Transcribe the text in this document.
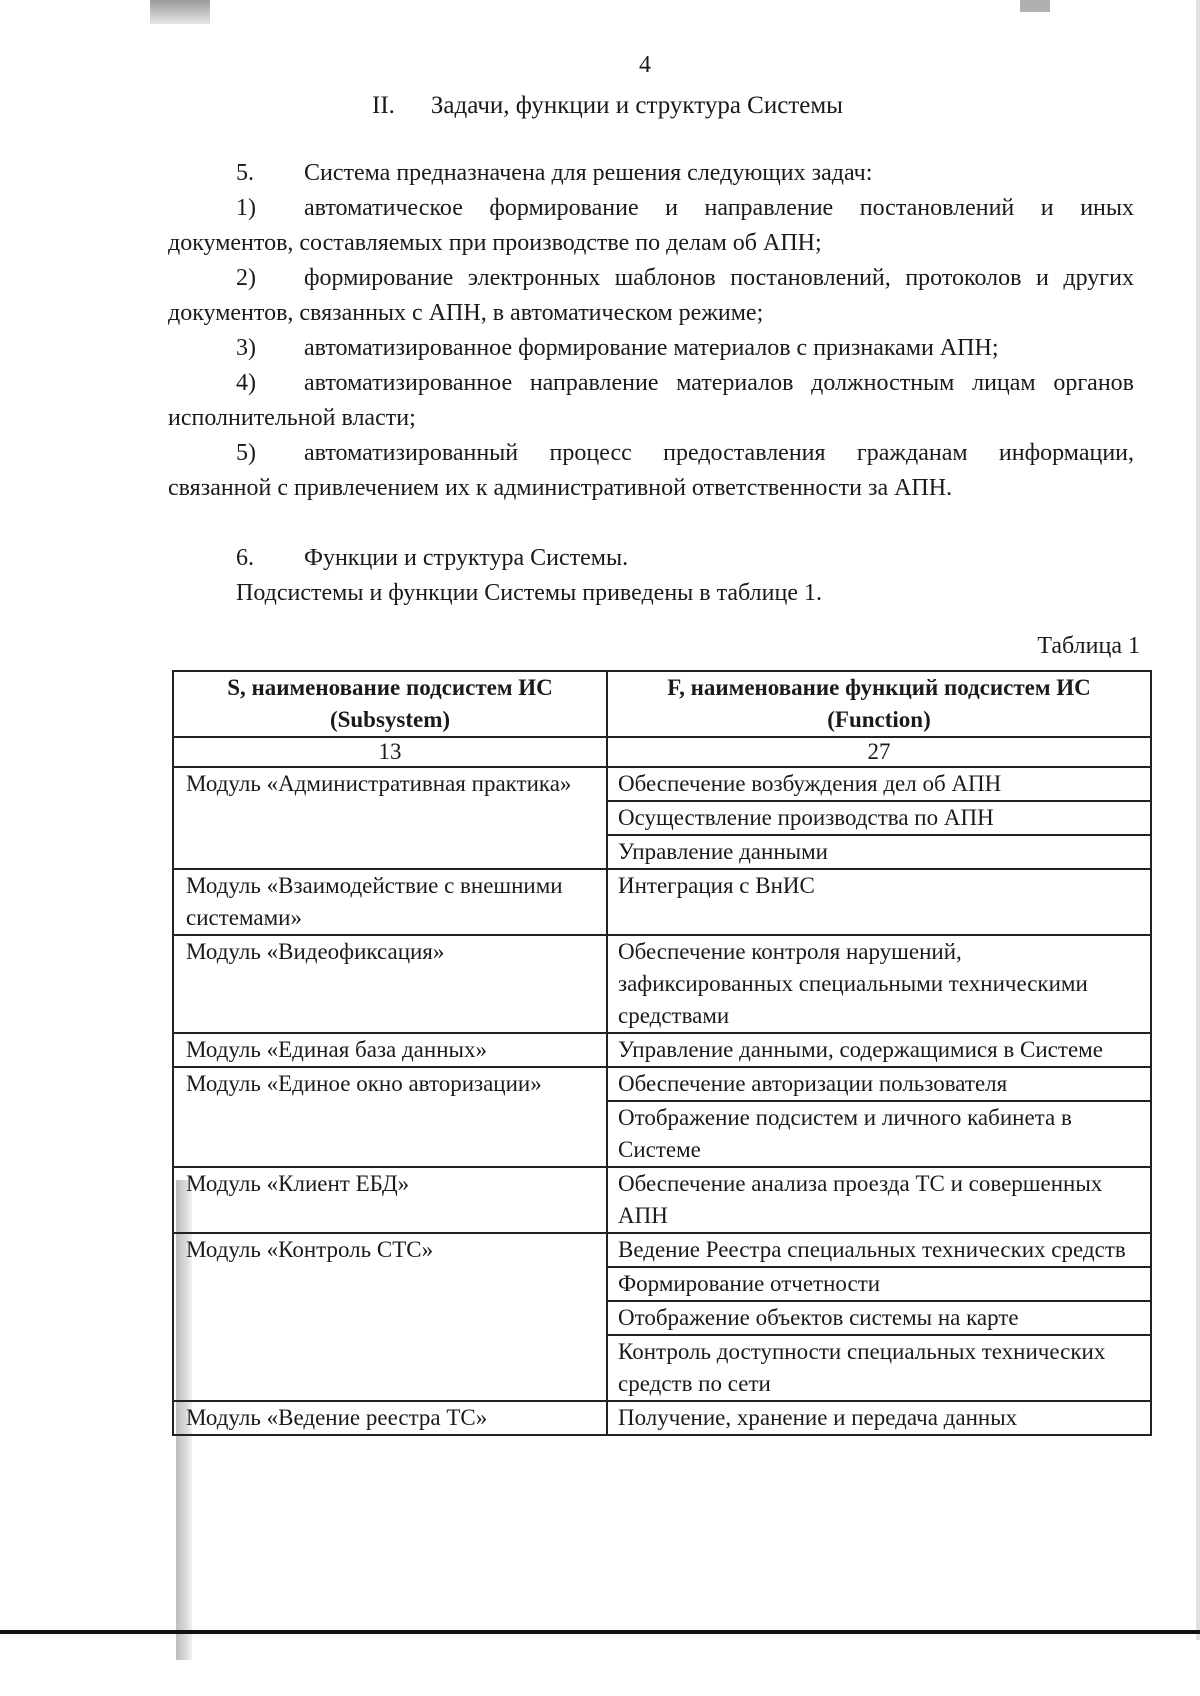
4
II. Задачи, функции и структура Системы
5. Система предназначена для решения следующих задач:
1) автоматическое формирование и направление постановлений и иных документов, составляемых при производстве по делам об АПН;
2) формирование электронных шаблонов постановлений, протоколов и других документов, связанных с АПН, в автоматическом режиме;
3) автоматизированное формирование материалов с признаками АПН;
4) автоматизированное направление материалов должностным лицам органов исполнительной власти;
5) автоматизированный процесс предоставления гражданам информации, связанной с привлечением их к административной ответственности за АПН.
6. Функции и структура Системы.
Подсистемы и функции Системы приведены в таблице 1.
Таблица 1
S, наименование подсистем ИС (Subsystem)	F, наименование функций подсистем ИС (Function)
13	27
Модуль «Административная практика»	Обеспечение возбуждения дел об АПН
	Осуществление производства по АПН
	Управление данными
Модуль «Взаимодействие с внешними системами»	Интеграция с ВнИС
Модуль «Видеофиксация»	Обеспечение контроля нарушений, зафиксированных специальными техническими средствами
Модуль «Единая база данных»	Управление данными, содержащимися в Системе
Модуль «Единое окно авторизации»	Обеспечение авторизации пользователя
	Отображение подсистем и личного кабинета в Системе
Модуль «Клиент ЕБД»	Обеспечение анализа проезда ТС и совершенных АПН
Модуль «Контроль СТС»	Ведение Реестра специальных технических средств
	Формирование отчетности
	Отображение объектов системы на карте
	Контроль доступности специальных технических средств по сети
Модуль «Ведение реестра ТС»	Получение, хранение и передача данных
